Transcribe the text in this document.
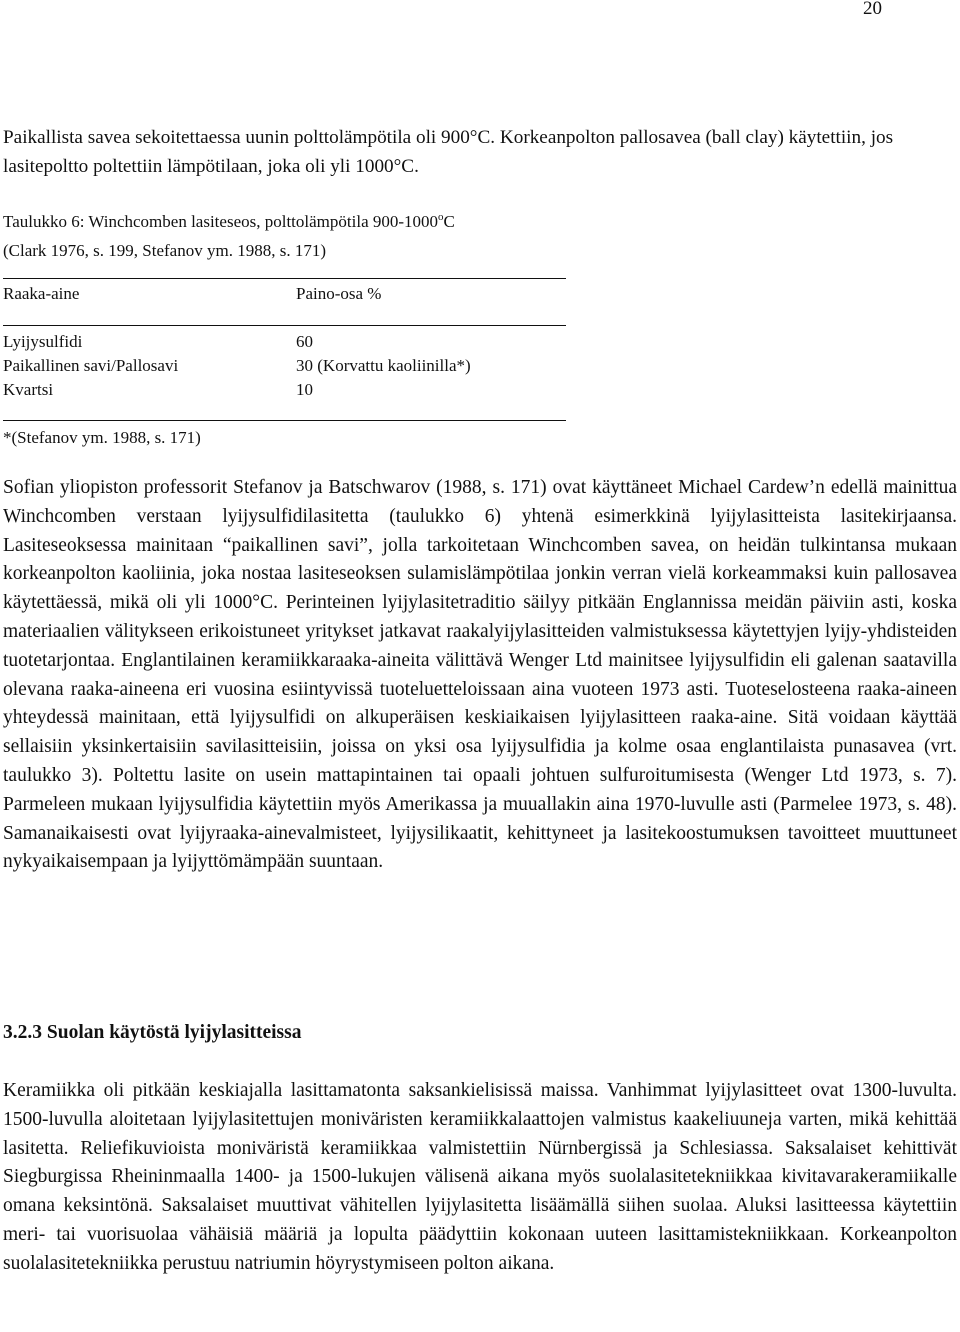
20

Paikallista savea sekoitettaessa uunin polttolämpötila oli 900°C. Korkeanpolton pallosavea (ball clay) käytettiin, jos lasitepoltto poltettiin lämpötilaan, joka oli yli 1000°C.

Taulukko 6: Winchcomben lasiteseos, polttolämpötila 900-1000$^o$C
(Clark 1976, s. 199, Stefanov ym. 1988, s. 171)
Raaka-aine	Paino-osa %
Lyijysulfidi	60
Paikallinen savi/Pallosavi	30 (Korvattu kaoliinilla*)
Kvartsi	10
*(Stefanov ym. 1988, s. 171)

Sofian yliopiston professorit Stefanov ja Batschwarov (1988, s. 171) ovat käyttäneet Michael Cardew’n edellä mainittua Winchcomben verstaan lyijysulfidilasitetta (taulukko 6) yhtenä esimerkkinä lyijylasitteista lasitekirjaansa. Lasiteseoksessa mainitaan “paikallinen savi”, jolla tarkoitetaan Winchcomben savea, on heidän tulkintansa mukaan korkeanpolton kaoliinia, joka nostaa lasiteseoksen sulamislämpötilaa jonkin verran vielä korkeammaksi kuin pallosavea käytettäessä, mikä oli yli 1000°C. Perinteinen lyijylasitetraditio säilyy pitkään Englannissa meidän päiviin asti, koska materiaalien välitykseen erikoistuneet yritykset jatkavat raakalyijylasitteiden valmistuksessa käytettyjen lyijy-yhdisteiden tuotetarjontaa. Englantilainen keramiikkaraaka-aineita välittävä Wenger Ltd mainitsee lyijysulfidin eli galenan saatavilla olevana raaka-aineena eri vuosina esiintyvissä tuoteluetteloissaan aina vuoteen 1973 asti. Tuoteselosteena raaka-aineen yhteydessä mainitaan, että lyijysulfidi on alkuperäisen keskiaikaisen lyijylasitteen raaka-aine. Sitä voidaan käyttää sellaisiin yksinkertaisiin savilasitteisiin, joissa on yksi osa lyijysulfidia ja kolme osaa englantilaista punasavea (vrt. taulukko 3). Poltettu lasite on usein mattapintainen tai opaali johtuen sulfuroitumisesta (Wenger Ltd 1973, s. 7). Parmeleen mukaan lyijysulfidia käytettiin myös Amerikassa ja muuallakin aina 1970-luvulle asti (Parmelee 1973, s. 48). Samanaikaisesti ovat lyijyraaka-ainevalmisteet, lyijysilikaatit, kehittyneet ja lasitekoostumuksen tavoitteet muuttuneet nykyaikaisempaan ja lyijyttömämpään suuntaan.

3.2.3 Suolan käytöstä lyijylasitteissa

Keramiikka oli pitkään keskiajalla lasittamatonta saksankielisissä maissa. Vanhimmat lyijylasitteet ovat 1300-luvulta. 1500-luvulla aloitetaan lyijylasitettujen moniväristen keramiikkalaattojen valmistus kaakeliuuneja varten, mikä kehittää lasitetta. Reliefikuvioista moniväristä keramiikkaa valmistettiin Nürnbergissä ja Schlesiassa. Saksalaiset kehittivät Siegburgissa Rheininmaalla 1400- ja 1500-lukujen välisenä aikana myös suolalasitetekniikkaa kivitavarakeramiikalle omana keksintönä. Saksalaiset muuttivat vähitellen lyijylasitetta lisäämällä siihen suolaa. Aluksi lasitteessa käytettiin meri- tai vuorisuolaa vähäisiä määriä ja lopulta päädyttiin kokonaan uuteen lasittamistekniikkaan. Korkeanpolton suolalasitetekniikka perustuu natriumin höyrystymiseen polton aikana.
